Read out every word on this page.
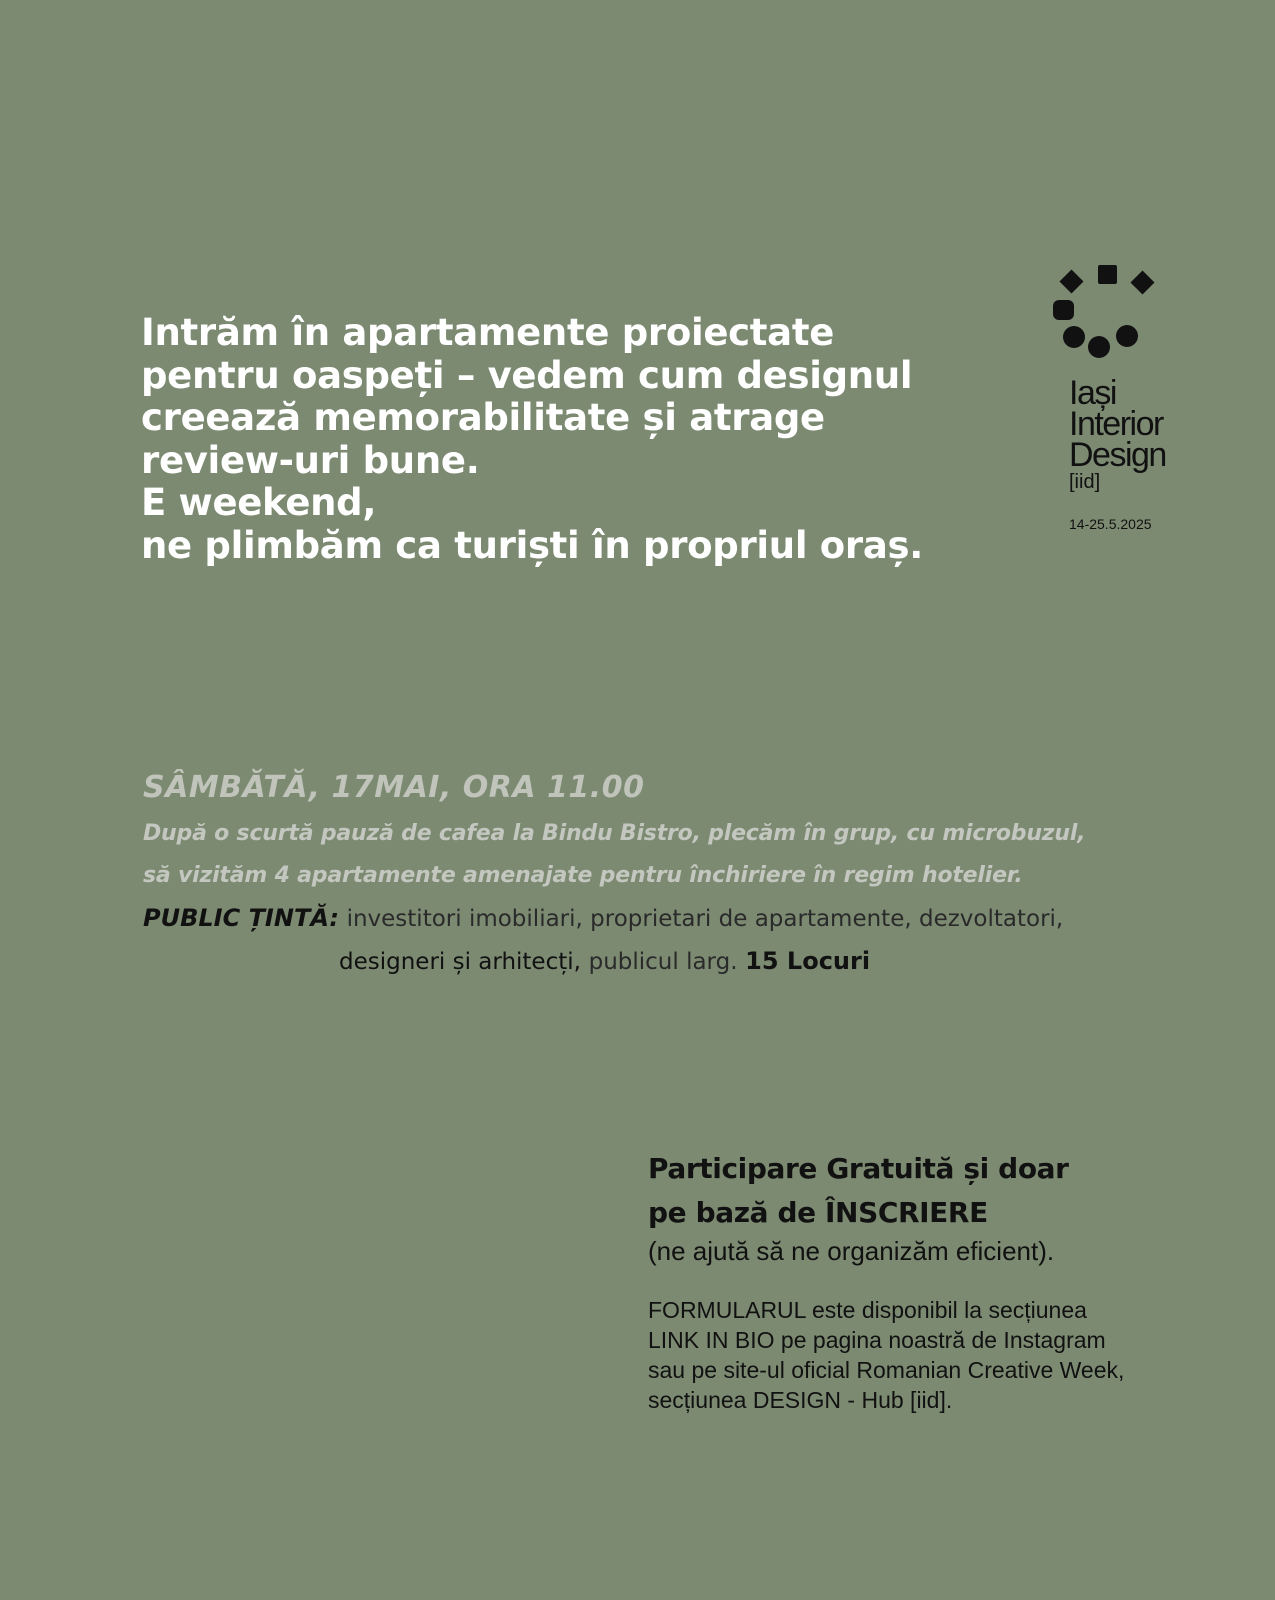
Intrăm în apartamente proiectate
pentru oaspeți – vedem cum designul
creează memorabilitate și atrage
review-uri bune.
E weekend,
ne plimbăm ca turiști în propriul oraș.
Iași
Interior
Design
[iid]
14-25.5.2025

SÂMBĂTĂ, 17MAI, ORA 11.00

După o scurtă pauză de cafea la Bindu Bistro, plecăm în grup, cu microbuzul,
să vizităm 4 apartamente amenajate pentru închiriere în regim hotelier.

PUBLIC ȚINTĂ: investitori imobiliari, proprietari de apartamente, dezvoltatori,
designeri și arhitecți, publicul larg. 15 Locuri
Participare Gratuită și doar
pe bază de ÎNSCRIERE

(ne ajută să ne organizăm eficient).

FORMULARUL este disponibil la secțiunea
LINK IN BIO pe pagina noastră de Instagram
sau pe site-ul oficial Romanian Creative Week,
secțiunea DESIGN - Hub [iid].
